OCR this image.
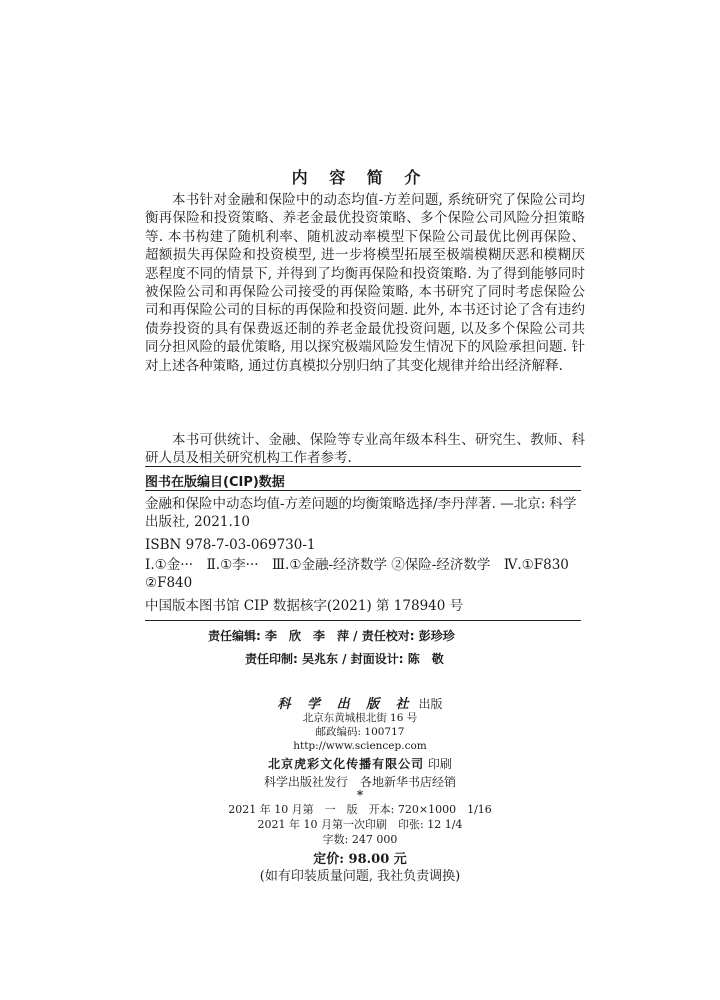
内 容 简 介

本书针对金融和保险中的动态均值-方差问题, 系统研究了保险公司均衡再保险和投资策略、养老金最优投资策略、多个保险公司风险分担策略等. 本书构建了随机利率、随机波动率模型下保险公司最优比例再保险、超额损失再保险和投资模型, 进一步将模型拓展至极端模糊厌恶和模糊厌恶程度不同的情景下, 并得到了均衡再保险和投资策略. 为了得到能够同时被保险公司和再保险公司接受的再保险策略, 本书研究了同时考虑保险公司和再保险公司的目标的再保险和投资问题. 此外, 本书还讨论了含有违约债券投资的具有保费返还制的养老金最优投资问题, 以及多个保险公司共同分担风险的最优策略, 用以探究极端风险发生情况下的风险承担问题. 针对上述各种策略, 通过仿真模拟分别归纳了其变化规律并给出经济解释.

本书可供统计、金融、保险等专业高年级本科生、研究生、教师、科研人员及相关研究机构工作者参考.

图书在版编目(CIP)数据

金融和保险中动态均值-方差问题的均衡策略选择/李丹萍著. —北京: 科学出版社, 2021.10

ISBN 978-7-03-069730-1

Ⅰ.①金···　Ⅱ.①李···　Ⅲ.①金融-经济数学 ②保险-经济数学　Ⅳ.①F830 ②F840

中国版本图书馆 CIP 数据核字(2021) 第 178940 号

责任编辑: 李　欣　李　萍 / 责任校对: 彭珍珍
责任印制: 吴兆东 / 封面设计: 陈　敬
科 学 出 版 社 出版
北京东黄城根北街 16 号
邮政编码: 100717
http://www.sciencep.com
北京虎彩文化传播有限公司 印刷
科学出版社发行　各地新华书店经销
*
2021 年 10 月第　一　版　开本: 720×1000　1/16
2021 年 10 月第一次印刷　印张: 12 1/4
字数: 247 000
定价: 98.00 元
(如有印装质量问题, 我社负责调换)
